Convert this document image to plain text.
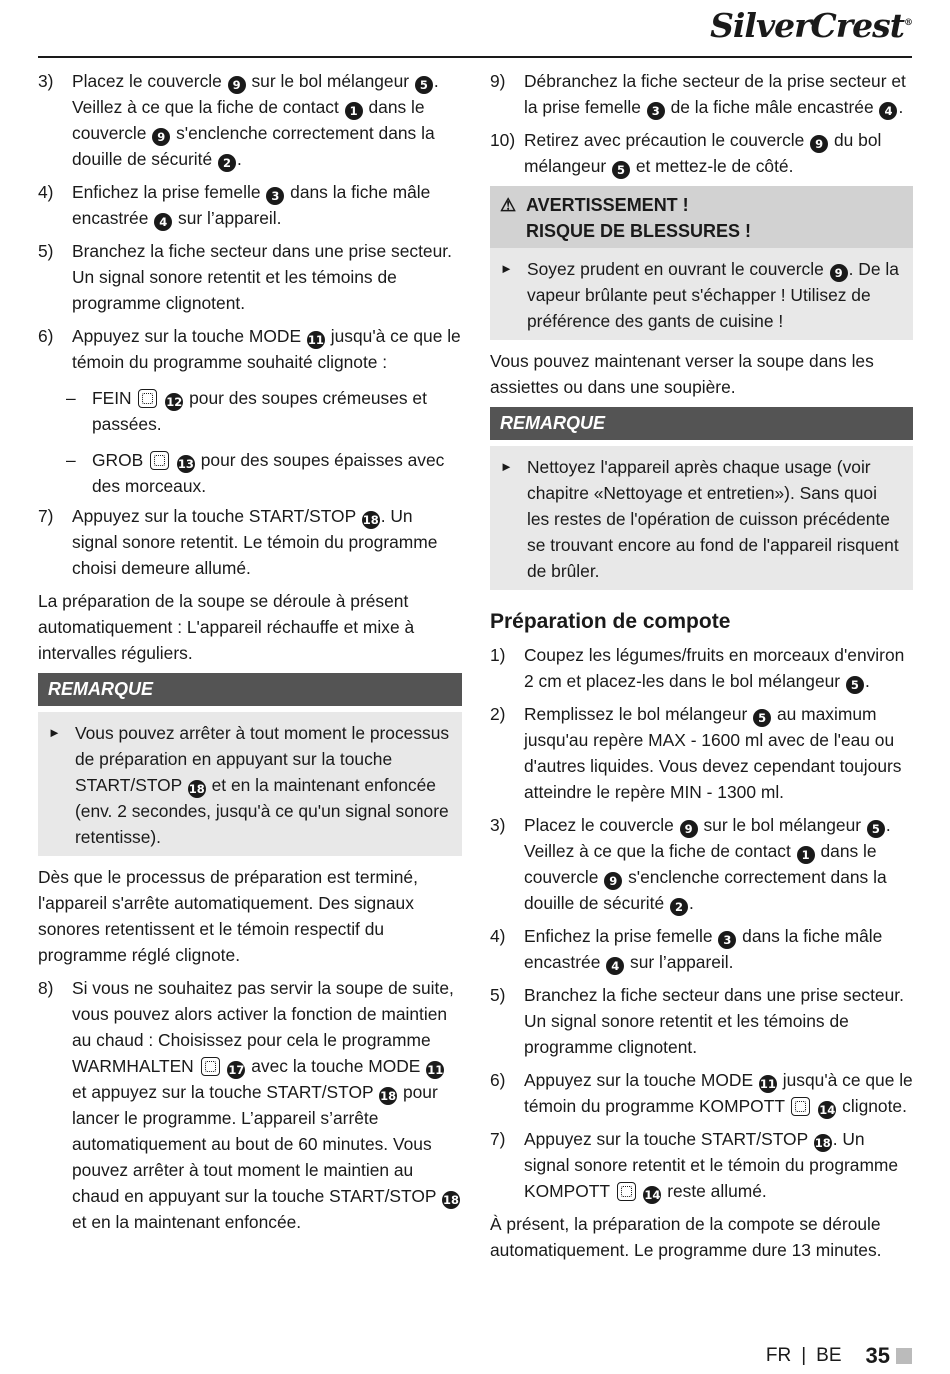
SilverCrest®
3)	Placez le couvercle 9 sur le bol mélangeur 5 . Veillez à ce que la fiche de contact 1 dans le couvercle 9 s'enclenche correctement dans la douille de sécurité 2 .
4)	Enfichez la prise femelle 3 dans la fiche mâle encastrée 4 sur l’appareil.
5)	Branchez la fiche secteur dans une prise secteur. Un signal sonore retentit et les témoins de programme clignotent.
6)	Appuyez sur la touche MODE 11 jusqu'à ce que le témoin du programme souhaité clignote :
– FEIN	12 pour des soupes crémeuses et passées.
– GROB	13 pour des soupes épaisses avec des morceaux.
7)	Appuyez sur la touche START/STOP 18 . Un signal sonore retentit. Le témoin du programme choisi demeure allumé.

La préparation de la soupe se déroule à présent automatiquement : L'appareil réchauffe et mixe à intervalles réguliers.

REMARQUE
► Vous pouvez arrêter à tout moment le processus de préparation en appuyant sur la touche START/STOP 18 et en la maintenant enfoncée (env. 2 secondes, jusqu'à ce qu'un signal sonore retentisse).

Dès que le processus de préparation est terminé, l'appareil s'arrête automatiquement. Des signaux sonores retentissent et le témoin respectif du programme réglé clignote.

8)	Si vous ne souhaitez pas servir la soupe de suite, vous pouvez alors activer la fonction de maintien au chaud : Choisissez pour cela le programme WARMHALTEN	17 avec la touche MODE 11 et appuyez sur la touche START/STOP 18 pour lancer le programme. L’appareil s’arrête automatiquement au bout de 60 minutes. Vous pouvez arrêter à tout moment le maintien au chaud en appuyant sur la touche START/STOP 18 et en la maintenant enfoncée.
9)	Débranchez la fiche secteur de la prise secteur et la prise femelle 3 de la fiche mâle encastrée 4 .
10) Retirez avec précaution le couvercle 9 du bol mélangeur 5 et mettez-le de côté.
⚠ AVERTISSEMENT !
RISQUE DE BLESSURES !
► Soyez prudent en ouvrant le couvercle 9 . De la vapeur brûlante peut s'échapper ! Utilisez de préférence des gants de cuisine !

Vous pouvez maintenant verser la soupe dans les assiettes ou dans une soupière.

REMARQUE
► Nettoyez l'appareil après chaque usage (voir chapitre «Nettoyage et entretien»). Sans quoi les restes de l'opération de cuisson précédente se trouvant encore au fond de l'appareil risquent de brûler.
Préparation de compote
1)	Coupez les légumes/fruits en morceaux d'environ 2 cm et placez-les dans le bol mélangeur 5 .
2)	Remplissez le bol mélangeur 5 au maximum jusqu'au repère MAX - 1600 ml avec de l'eau ou d'autres liquides. Vous devez cependant toujours atteindre le repère MIN - 1300 ml.
3)	Placez le couvercle 9 sur le bol mélangeur 5 . Veillez à ce que la fiche de contact 1 dans le couvercle 9 s'enclenche correctement dans la douille de sécurité 2 .
4)	Enfichez la prise femelle 3 dans la fiche mâle encastrée 4 sur l’appareil.
5)	Branchez la fiche secteur dans une prise secteur. Un signal sonore retentit et les témoins de programme clignotent.
6)	Appuyez sur la touche MODE 11 jusqu'à ce que le témoin du programme KOMPOTT	14 clignote.
7)	Appuyez sur la touche START/STOP 18 . Un signal sonore retentit et le témoin du programme KOMPOTT	14 reste allumé.

À présent, la préparation de la compote se déroule automatiquement. Le programme dure 13 minutes.

FR | BE 35
